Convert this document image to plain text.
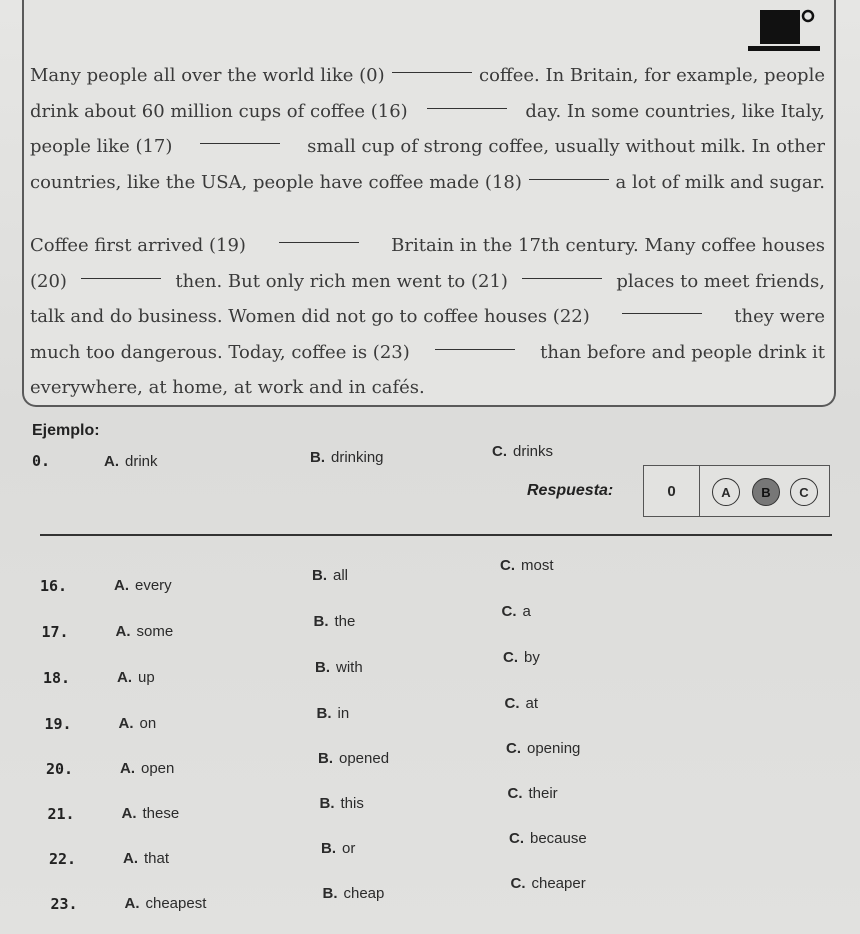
Many people all over the world like (0)	coffee. In Britain, for example, people
drink about 60 million cups of coffee (16)	day. In some countries, like Italy,
people like (17)	small cup of strong coffee, usually without milk. In other
countries, like the USA, people have coffee made (18)	a lot of milk and sugar.
Coffee first arrived (19)	Britain in the 17th century. Many coffee houses
(20)	then. But only rich men went to (21)	places to meet friends,
talk and do business. Women did not go to coffee houses (22)	they were
much too dangerous. Today, coffee is (23)	than before and people drink it
everywhere, at home, at work and in cafés.
Ejemplo:
0.	A. drink	B. drinking	C. drinks
Respuesta:	0	A	B	C
16.	A. every
B. all
C. most
17.	A. some
B. the
C. a
18.	A. up
B. with
C. by
19.	A. on
B. in
C. at
20.	A. open
B. opened
C. opening
21.	A. these
B. this
C. their
22.	A. that
B. or
C. because
23.	A. cheapest
B. cheap
C. cheaper
